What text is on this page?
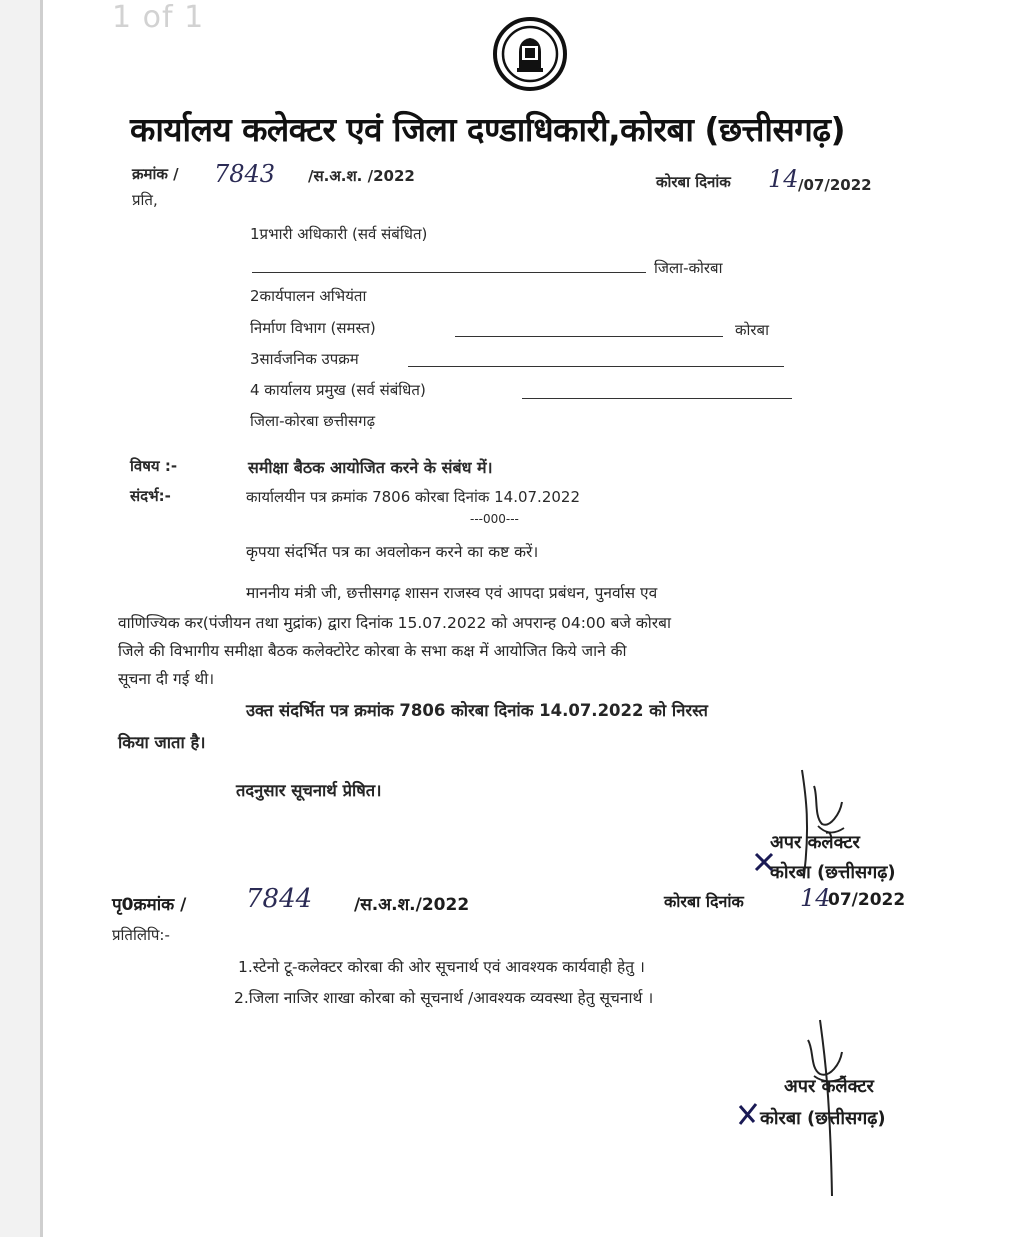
1 of 1
कार्यालय कलेक्टर एवं जिला दण्डाधिकारी,कोरबा (छत्तीसगढ़)
क्रमांक / 7843 /स.अ.श. /2022	कोरबा दिनांक 14 /07/2022
प्रति,
1प्रभारी अधिकारी (सर्व संबंधित)
जिला-कोरबा
2कार्यपालन अभियंता
निर्माण विभाग (समस्त)	कोरबा
3सार्वजनिक उपक्रम
4 कार्यालय प्रमुख (सर्व संबंधित)
जिला-कोरबा छत्तीसगढ़
विषय :-	समीक्षा बैठक आयोजित करने के संबंध में।
संदर्भ:-	कार्यालयीन पत्र क्रमांक 7806 कोरबा दिनांक 14.07.2022
---000---
कृपया संदर्भित पत्र का अवलोकन करने का कष्ट करें।
माननीय मंत्री जी, छत्तीसगढ़ शासन राजस्व एवं आपदा प्रबंधन, पुनर्वास एव
वाणिज्यिक कर(पंजीयन तथा मुद्रांक) द्वारा दिनांक 15.07.2022 को अपरान्ह 04:00 बजे कोरबा
जिले की विभागीय समीक्षा बैठक कलेक्टोरेट कोरबा के सभा कक्ष में आयोजित किये जाने की
सूचना दी गई थी।
उक्त संदर्भित पत्र क्रमांक 7806 कोरबा दिनांक 14.07.2022 को निरस्त
किया जाता है।
तदनुसार सूचनार्थ प्रेषित।
अपर कलेक्टर
कोरबा (छत्तीसगढ़)
पृ0क्रमांक / 7844 /स.अ.श./2022	कोरबा दिनांक 14
07/2022
प्रतिलिपि:-
1.स्टेनो टू-कलेक्टर कोरबा की ओर सूचनार्थ एवं आवश्यक कार्यवाही हेतु ।
2.जिला नाजिर शाखा कोरबा को सूचनार्थ /आवश्यक व्यवस्था हेतु सूचनार्थ ।
अपर कलेक्टर
कोरबा (छत्तीसगढ़)
